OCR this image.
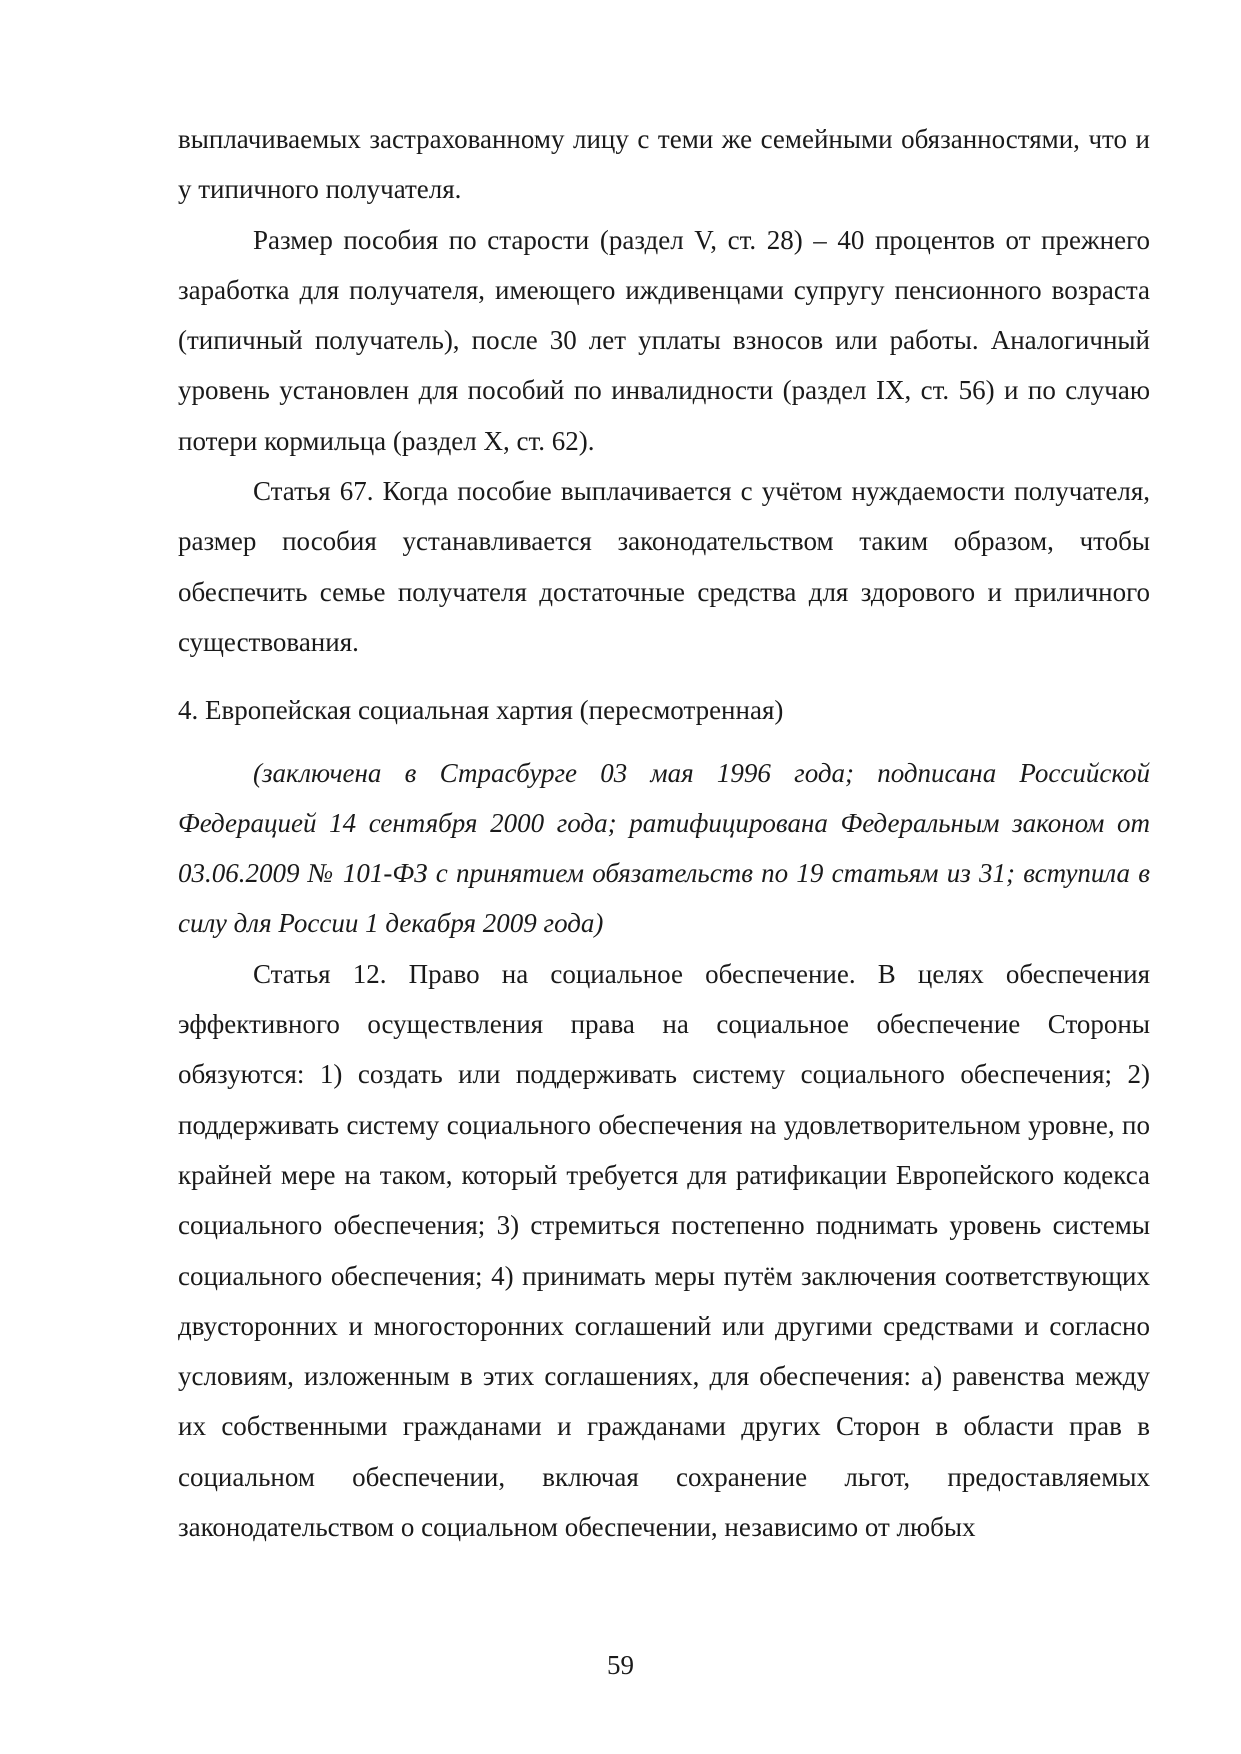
выплачиваемых застрахованному лицу с теми же семейными обязанностями, что и у типичного получателя.

Размер пособия по старости (раздел V, ст. 28) – 40 процентов от прежнего заработка для получателя, имеющего иждивенцами супругу пенсионного возраста (типичный получатель), после 30 лет уплаты взносов или работы. Аналогичный уровень установлен для пособий по инвалидности (раздел IX, ст. 56) и по случаю потери кормильца (раздел X, ст. 62).

Статья 67. Когда пособие выплачивается с учётом нуждаемости получателя, размер пособия устанавливается законодательством таким образом, чтобы обеспечить семье получателя достаточные средства для здорового и приличного существования.

4. Европейская социальная хартия (пересмотренная)

(заключена в Страсбурге 03 мая 1996 года; подписана Российской Федерацией 14 сентября 2000 года; ратифицирована Федеральным законом от 03.06.2009 № 101-ФЗ с принятием обязательств по 19 статьям из 31; вступила в силу для России 1 декабря 2009 года)

Статья 12. Право на социальное обеспечение. В целях обеспечения эффективного осуществления права на социальное обеспечение Стороны обязуются: 1) создать или поддерживать систему социального обеспечения; 2) поддерживать систему социального обеспечения на удовлетворительном уровне, по крайней мере на таком, который требуется для ратификации Европейского кодекса социального обеспечения; 3) стремиться постепенно поднимать уровень системы социального обеспечения; 4) принимать меры путём заключения соответствующих двусторонних и многосторонних соглашений или другими средствами и согласно условиям, изложенным в этих соглашениях, для обеспечения: а) равенства между их собственными гражданами и гражданами других Сторон в области прав в социальном обеспечении, включая сохранение льгот, предоставляемых законодательством о социальном обеспечении, независимо от любых

59
